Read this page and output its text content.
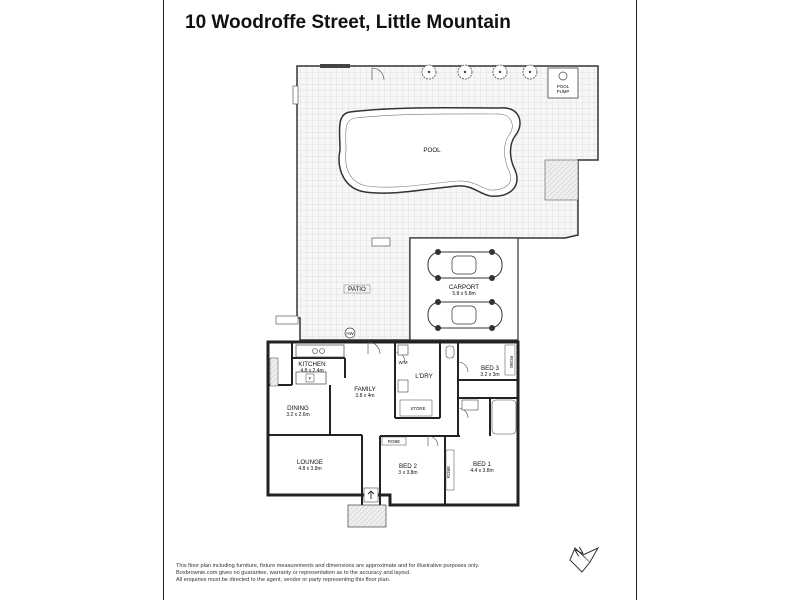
10 Woodroffe Street, Little Mountain
POOL
POOL
PUMP
PATIO
HW
CARPORT
5.8 x 5.8m
F
KITCHEN
4.8 x 2.4m
FAMILY
3.8 x 4m
DINING
3.2 x 2.6m
LOUNGE
4.8 x 3.8m	BED 2
3 x 3.8m
BED 1
4.4 x 3.8m
BED 3
3.2 x 3m
L'DRY
STORE
W/M
ROBE
ROBE
ROBE
N
This floor plan including furniture, fixture measurements and dimensions are approximate and for illustrative purposes only.
Boxbrownie.com gives no guarantee, warranty or representation as to the accuracy and layout.
All enquiries must be directed to the agent, vendor or party representing this floor plan.
